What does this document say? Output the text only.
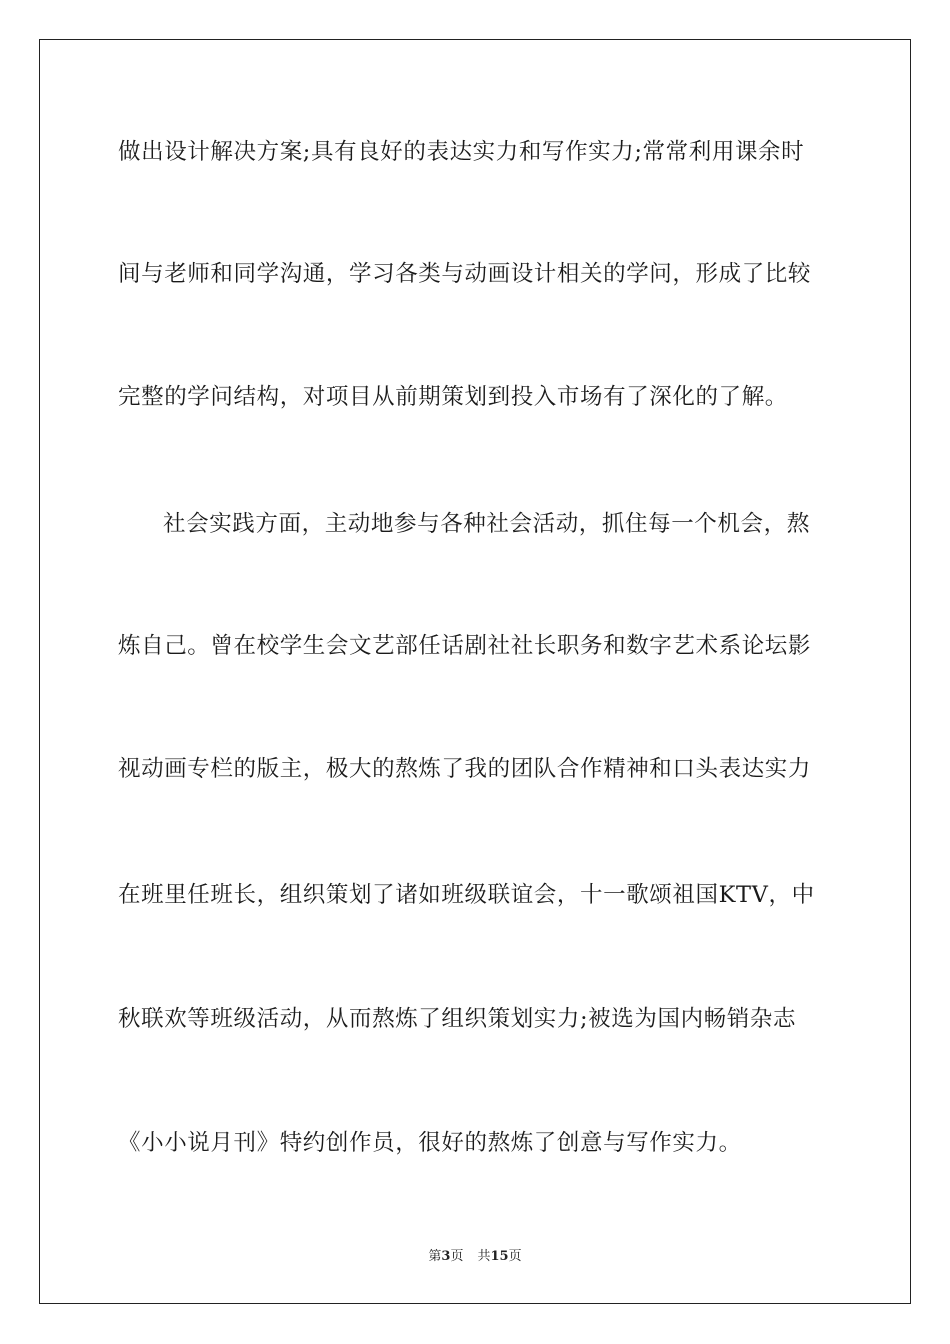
做出设计解决方案;具有良好的表达实力和写作实力;常常利用课余时
间与老师和同学沟通，学习各类与动画设计相关的学问，形成了比较
完整的学问结构，对项目从前期策划到投入市场有了深化的了解。
社会实践方面，主动地参与各种社会活动，抓住每一个机会，熬
炼自己。曾在校学生会文艺部任话剧社社长职务和数字艺术系论坛影
视动画专栏的版主，极大的熬炼了我的团队合作精神和口头表达实力
在班里任班长，组织策划了诸如班级联谊会，十一歌颂祖国KTV，中
秋联欢等班级活动，从而熬炼了组织策划实力;被选为国内畅销杂志
《小小说月刊》特约创作员，很好的熬炼了创意与写作实力。
第3页 共15页
